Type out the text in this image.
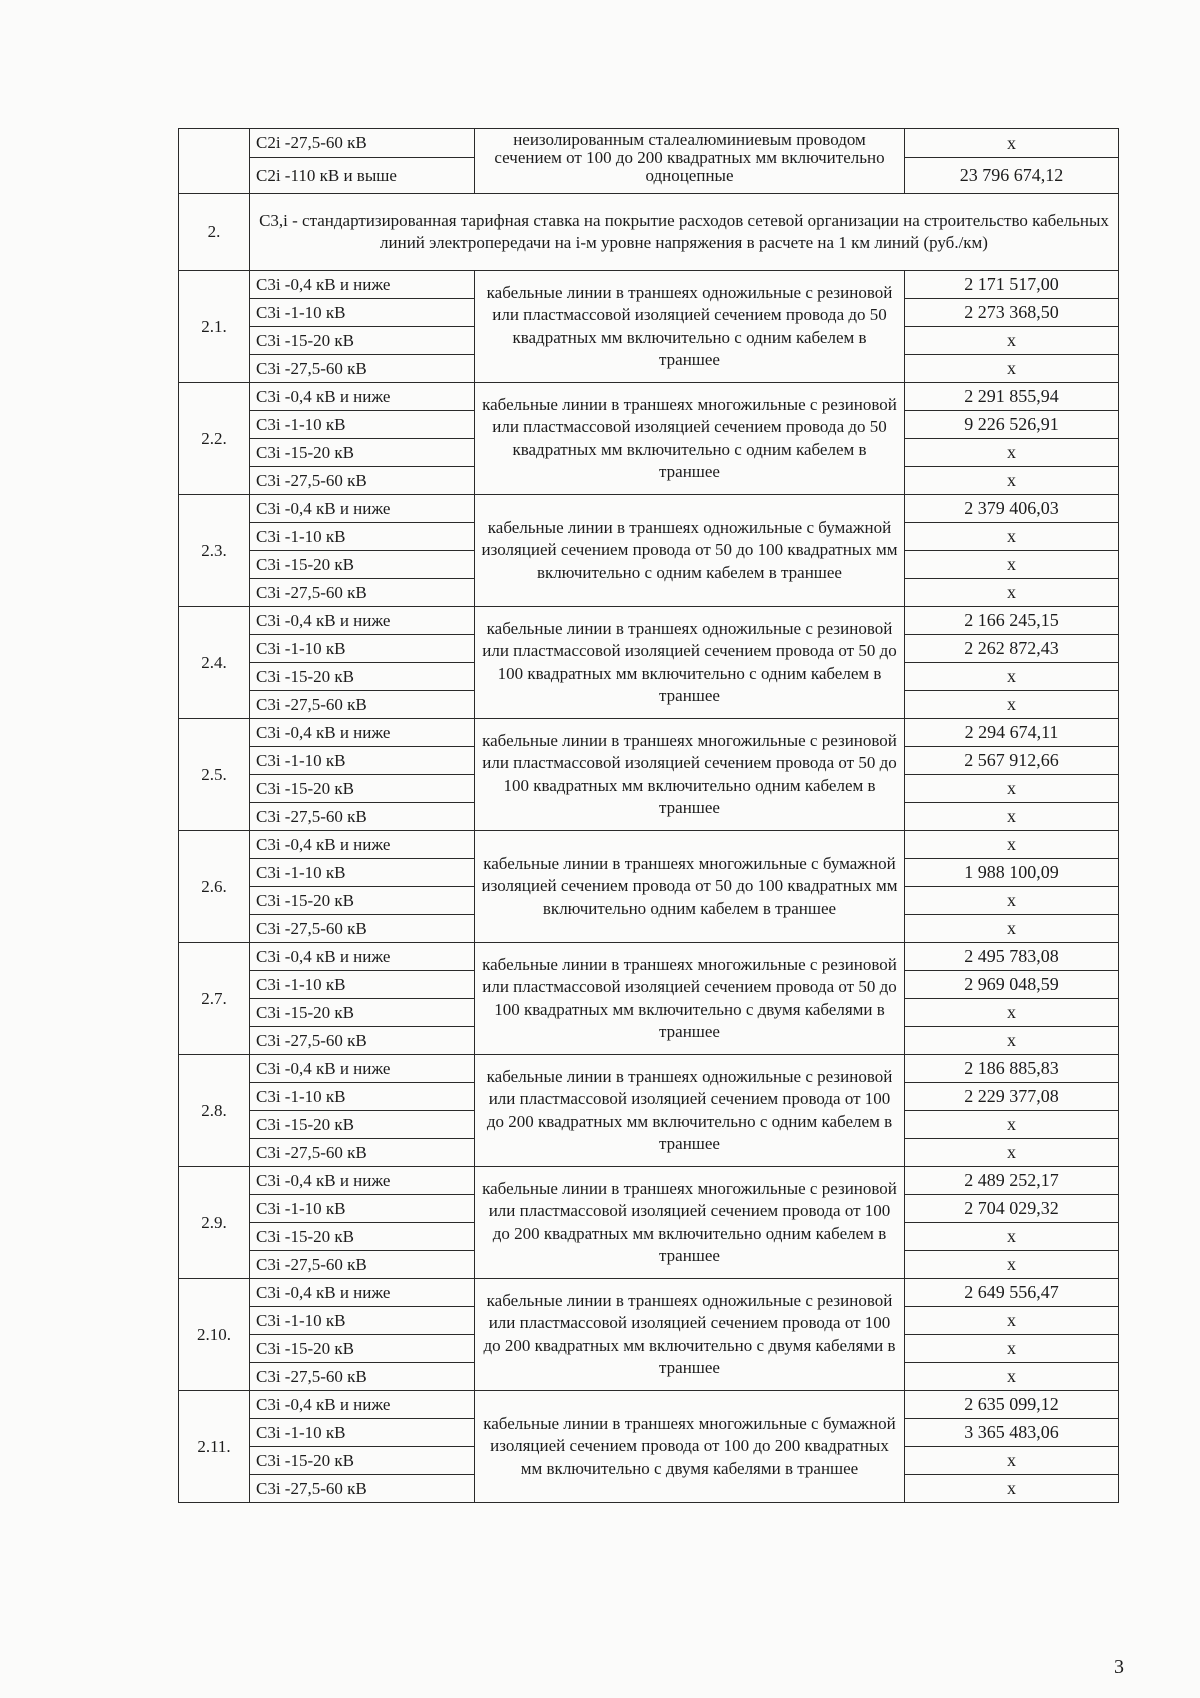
	C2i -27,5-60 кВ	неизолированным сталеалюминиевым проводом сечением от 100 до 200 квадратных мм включительно одноцепные	х
	C2i -110 кВ и выше		23 796 674,12
2.	C3,i - стандартизированная тарифная ставка на покрытие расходов сетевой организации на строительство кабельных линий электропередачи на i-м уровне напряжения в расчете на 1 км линий (руб./км)		
2.1.	C3i -0,4 кВ и ниже	кабельные линии в траншеях одножильные с резиновой или пластмассовой изоляцией сечением провода до 50 квадратных мм включительно с одним кабелем в траншее	2 171 517,00
	C3i -1-10 кВ		2 273 368,50
	C3i -15-20 кВ		х
	C3i -27,5-60 кВ		х
2.2.	C3i -0,4 кВ и ниже	кабельные линии в траншеях многожильные с резиновой или пластмассовой изоляцией сечением провода до 50 квадратных мм включительно с одним кабелем в траншее	2 291 855,94
	C3i -1-10 кВ		9 226 526,91
	C3i -15-20 кВ		х
	C3i -27,5-60 кВ		х
2.3.	C3i -0,4 кВ и ниже	кабельные линии в траншеях одножильные с бумажной изоляцией сечением провода от 50 до 100 квадратных мм включительно с одним кабелем в траншее	2 379 406,03
	C3i -1-10 кВ		х
	C3i -15-20 кВ		х
	C3i -27,5-60 кВ		х
2.4.	C3i -0,4 кВ и ниже	кабельные линии в траншеях одножильные с резиновой или пластмассовой изоляцией сечением провода от 50 до 100 квадратных мм включительно с одним кабелем в траншее	2 166 245,15
	C3i -1-10 кВ		2 262 872,43
	C3i -15-20 кВ		х
	C3i -27,5-60 кВ		х
2.5.	C3i -0,4 кВ и ниже	кабельные линии в траншеях многожильные с резиновой или пластмассовой изоляцией сечением провода от 50 до 100 квадратных мм включительно одним кабелем в траншее	2 294 674,11
	C3i -1-10 кВ		2 567 912,66
	C3i -15-20 кВ		х
	C3i -27,5-60 кВ		х
2.6.	C3i -0,4 кВ и ниже	кабельные линии в траншеях многожильные с бумажной изоляцией сечением провода от 50 до 100 квадратных мм включительно одним кабелем в траншее	х
	C3i -1-10 кВ		1 988 100,09
	C3i -15-20 кВ		х
	C3i -27,5-60 кВ		х
2.7.	C3i -0,4 кВ и ниже	кабельные линии в траншеях многожильные с резиновой или пластмассовой изоляцией сечением провода от 50 до 100 квадратных мм включительно с двумя кабелями в траншее	2 495 783,08
	C3i -1-10 кВ		2 969 048,59
	C3i -15-20 кВ		х
	C3i -27,5-60 кВ		х
2.8.	C3i -0,4 кВ и ниже	кабельные линии в траншеях одножильные с резиновой или пластмассовой изоляцией сечением провода от 100 до 200 квадратных мм включительно с одним кабелем в траншее	2 186 885,83
	C3i -1-10 кВ		2 229 377,08
	C3i -15-20 кВ		х
	C3i -27,5-60 кВ		х
2.9.	C3i -0,4 кВ и ниже	кабельные линии в траншеях многожильные с резиновой или пластмассовой изоляцией сечением провода от 100 до 200 квадратных мм включительно одним кабелем в траншее	2 489 252,17
	C3i -1-10 кВ		2 704 029,32
	C3i -15-20 кВ		х
	C3i -27,5-60 кВ		х
2.10.	C3i -0,4 кВ и ниже	кабельные линии в траншеях одножильные с резиновой или пластмассовой изоляцией сечением провода от 100 до 200 квадратных мм включительно с двумя кабелями в траншее	2 649 556,47
	C3i -1-10 кВ		х
	C3i -15-20 кВ		х
	C3i -27,5-60 кВ		х
2.11.	C3i -0,4 кВ и ниже	кабельные линии в траншеях многожильные с бумажной изоляцией сечением провода от 100 до 200 квадратных мм включительно с двумя кабелями в траншее	2 635 099,12
	C3i -1-10 кВ		3 365 483,06
	C3i -15-20 кВ		х
	C3i -27,5-60 кВ		х
3
